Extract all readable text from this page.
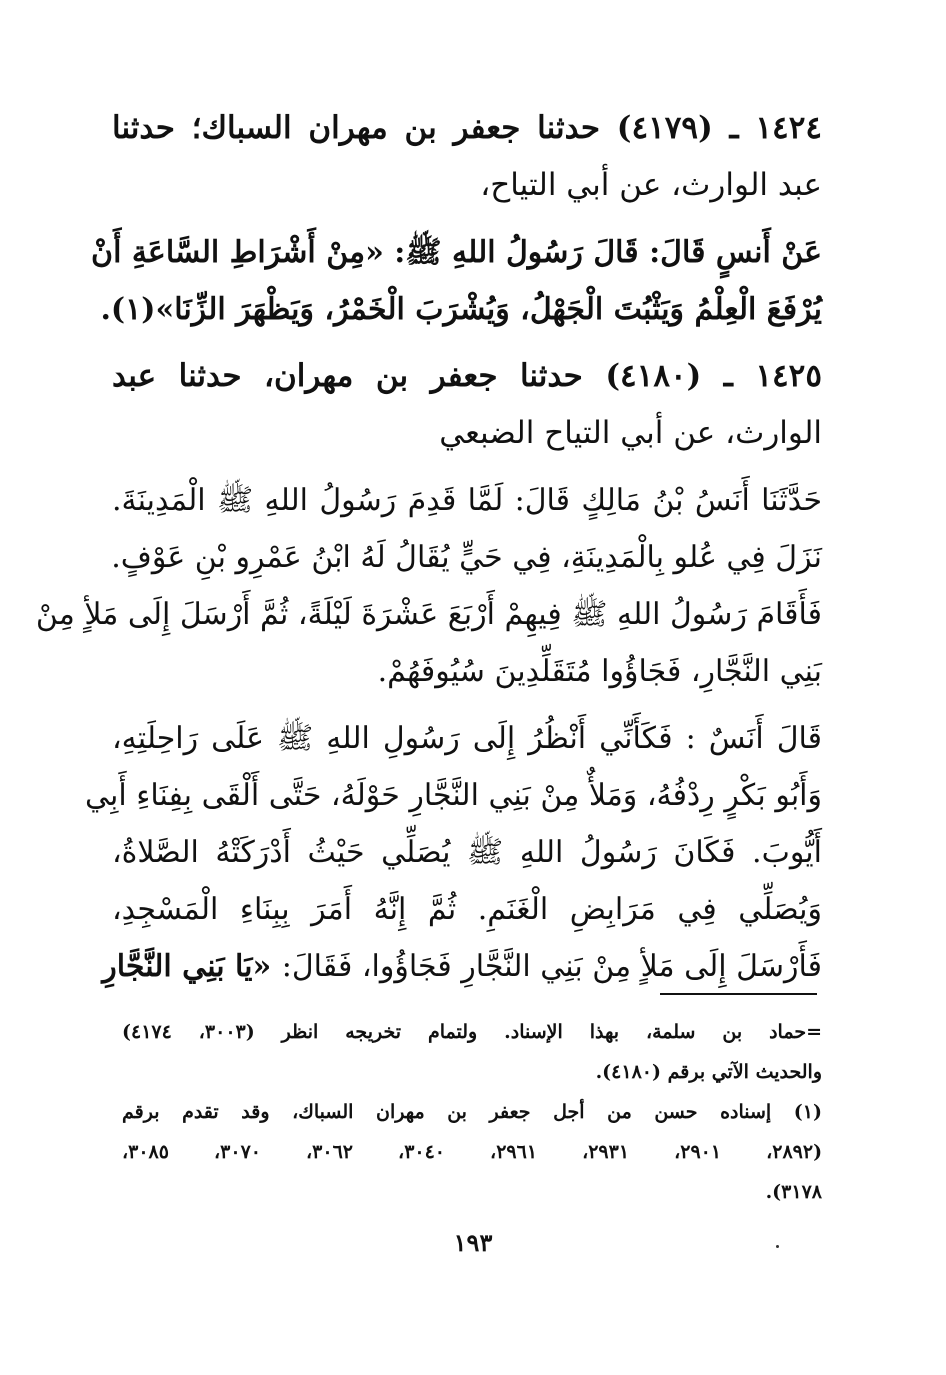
١٤٢٤ ـ (٤١٧٩) حدثنا جعفر بن مهران السباك؛ حدثنا
عبد الوارث، عن أبي التياح،
عَنْ أَنسٍ قَالَ: قَالَ رَسُولُ اللهِ ﷺ: «مِنْ أَشْرَاطِ السَّاعَةِ أَنْ
يُرْفَعَ الْعِلْمُ وَيَثْبُتَ الْجَهْلُ، وَيُشْرَبَ الْخَمْرُ، وَيَظْهَرَ الزِّنَا»(١).
١٤٢٥ ـ (٤١٨٠) حدثنا جعفر بن مهران، حدثنا عبد
الوارث، عن أبي التياح الضبعي
حَدَّثَنَا أَنَسُ بْنُ مَالِكٍ قَالَ: لَمَّا قَدِمَ رَسُولُ اللهِ ﷺ الْمَدِينَةَ.
نَزَلَ فِي عُلو بِالْمَدِينَةِ، فِي حَيٍّ يُقَالُ لَهُ ابْنُ عَمْرِو بْنِ عَوْفٍ.
فَأَقَامَ رَسُولُ اللهِ ﷺ فِيهِمْ أَرْبَعَ عَشْرَةَ لَيْلَةً، ثُمَّ أَرْسَلَ إِلَى مَلأٍ مِنْ
بَنِي النَّجَّارِ، فَجَاؤُوا مُتَقَلِّدِينَ سُيُوفَهُمْ.
قَالَ أَنَسٌ : فَكَأَنِّي أَنْظُرُ إِلَى رَسُولِ اللهِ ﷺ عَلَى رَاحِلَتِهِ،
وَأَبُو بَكْرٍ رِدْفُهُ، وَمَلأٌ مِنْ بَنِي النَّجَّارِ حَوْلَهُ، حَتَّى أَلْقَى بِفِنَاءِ أَبِي
أَيُّوبَ. فَكَانَ رَسُولُ اللهِ ﷺ يُصَلِّي حَيْثُ أَدْرَكَتْهُ الصَّلاةُ،
وَيُصَلِّي فِي مَرَابِضِ الْغَنَمِ. ثُمَّ إِنَّهُ أَمَرَ بِبِنَاءِ الْمَسْجِدِ،
فَأَرْسَلَ إِلَى مَلأٍ مِنْ بَنِي النَّجَّارِ فَجَاؤُوا، فَقَالَ: «يَا بَنِي النَّجَّارِ
=حماد بن سلمة، بهذا الإسناد. ولتمام تخريجه انظر (٣٠٠٣، ٤١٧٤)
والحديث الآتي برقم (٤١٨٠).
(١) إسناده حسن من أجل جعفر بن مهران السباك، وقد تقدم برقم
(٢٨٩٢، ٢٩٠١، ٢٩٣١، ٢٩٦١، ٣٠٤٠، ٣٠٦٢، ٣٠٧٠، ٣٠٨٥،
٣١٧٨).
١٩٣
